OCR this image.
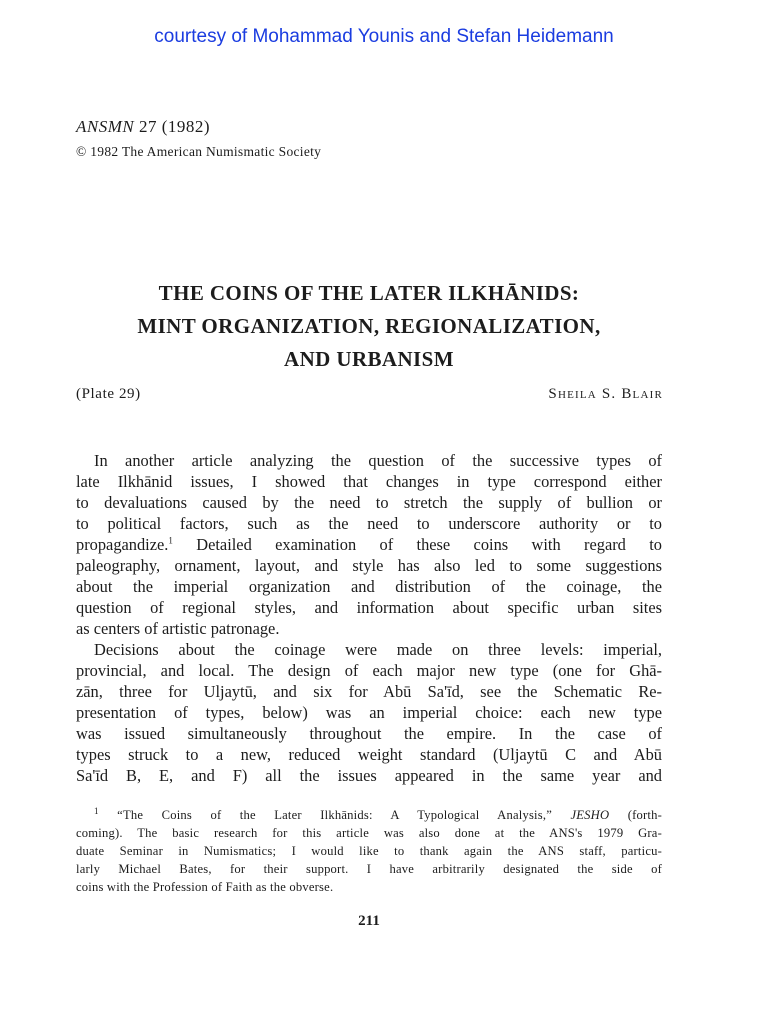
courtesy of Mohammad Younis and Stefan Heidemann
ANSMN 27 (1982)
© 1982 The American Numismatic Society
THE COINS OF THE LATER ILKHĀNIDS:
MINT ORGANIZATION, REGIONALIZATION,
AND URBANISM
(Plate 29)	Sheila S. Blair
In another article analyzing the question of the successive types of
late Ilkhānid issues, I showed that changes in type correspond either
to devaluations caused by the need to stretch the supply of bullion or
to political factors, such as the need to underscore authority or to
propagandize.$^1$ Detailed examination of these coins with regard to
paleography, ornament, layout, and style has also led to some suggestions
about the imperial organization and distribution of the coinage, the
question of regional styles, and information about specific urban sites
as centers of artistic patronage.
Decisions about the coinage were made on three levels: imperial,
provincial, and local. The design of each major new type (one for Ghā-
zān, three for Uljaytū, and six for Abū Sa'īd, see the Schematic Re-
presentation of types, below) was an imperial choice: each new type
was issued simultaneously throughout the empire. In the case of
types struck to a new, reduced weight standard (Uljaytū C and Abū
Sa'īd B, E, and F) all the issues appeared in the same year and
$^1$ “The Coins of the Later Ilkhānids: A Typological Analysis,” JESHO (forth-
coming). The basic research for this article was also done at the ANS's 1979 Gra-
duate Seminar in Numismatics; I would like to thank again the ANS staff, particu-
larly Michael Bates, for their support. I have arbitrarily designated the side of
coins with the Profession of Faith as the obverse.
211
